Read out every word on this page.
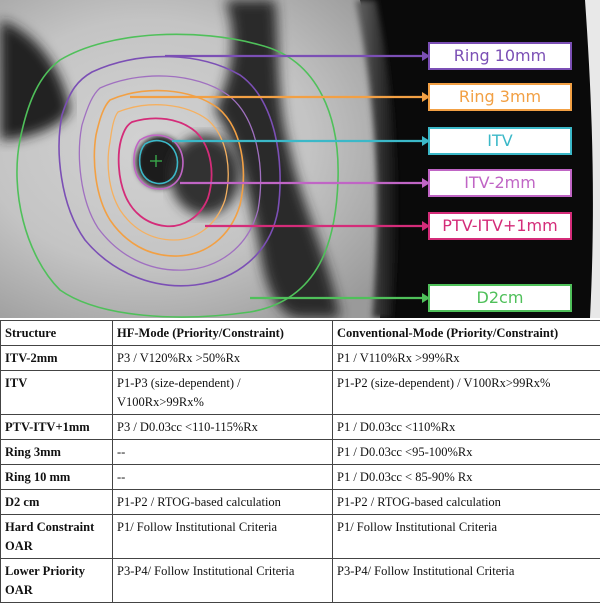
Ring 10mm
Ring 3mm
ITV
ITV-2mm
PTV-ITV+1mm
D2cm
Structure	HF-Mode (Priority/Constraint)	Conventional-Mode (Priority/Constraint)
ITV-2mm	P3 / V120%Rx >50%Rx	P1 / V110%Rx >99%Rx
ITV	P1-P3 (size-dependent) / V100Rx>99Rx%	P1-P2 (size-dependent) / V100Rx>99Rx%
PTV-ITV+1mm	P3 / D0.03cc <110-115%Rx	P1 / D0.03cc <110%Rx
Ring 3mm	--	P1 / D0.03cc <95-100%Rx
Ring 10 mm	--	P1 / D0.03cc < 85-90% Rx
D2 cm	P1-P2 / RTOG-based calculation	P1-P2 / RTOG-based calculation
Hard Constraint OAR	P1/ Follow Institutional Criteria	P1/ Follow Institutional Criteria
Lower Priority OAR	P3-P4/ Follow Institutional Criteria	P3-P4/ Follow Institutional Criteria
